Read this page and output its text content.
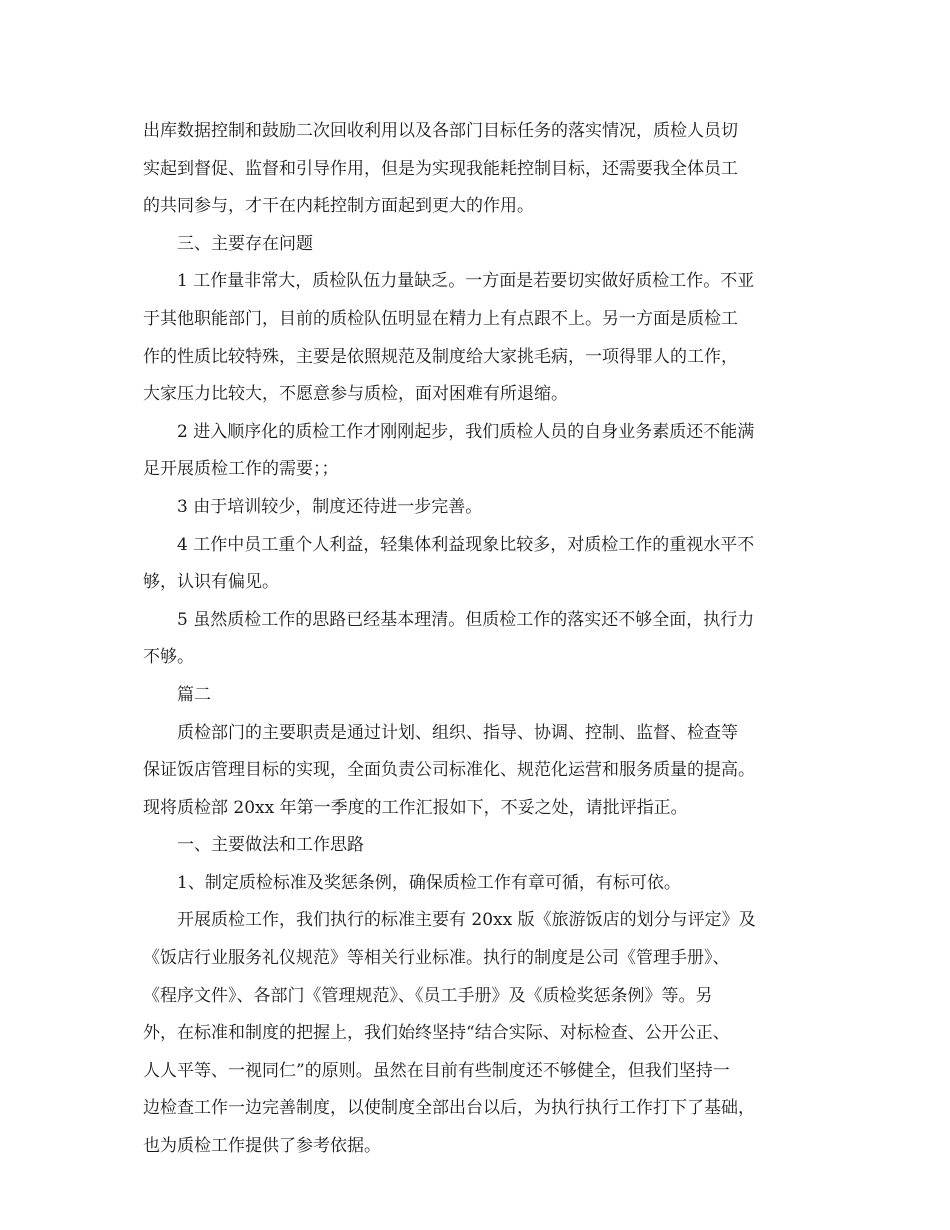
出库数据控制和鼓励二次回收利用以及各部门目标任务的落实情况，质检人员切
实起到督促、监督和引导作用，但是为实现我能耗控制目标，还需要我全体员工
的共同参与，才干在内耗控制方面起到更大的作用。
三、主要存在问题
1 工作量非常大，质检队伍力量缺乏。一方面是若要切实做好质检工作。不亚
于其他职能部门，目前的质检队伍明显在精力上有点跟不上。另一方面是质检工
作的性质比较特殊，主要是依照规范及制度给大家挑毛病，一项得罪人的工作，
大家压力比较大，不愿意参与质检，面对困难有所退缩。
2 进入顺序化的质检工作才刚刚起步，我们质检人员的自身业务素质还不能满
足开展质检工作的需要；；
3 由于培训较少，制度还待进一步完善。
4 工作中员工重个人利益，轻集体利益现象比较多，对质检工作的重视水平不
够，认识有偏见。
5 虽然质检工作的思路已经基本理清。但质检工作的落实还不够全面，执行力
不够。
篇二
质检部门的主要职责是通过计划、组织、指导、协调、控制、监督、检查等
保证饭店管理目标的实现，全面负责公司标准化、规范化运营和服务质量的提高。
现将质检部 20xx 年第一季度的工作汇报如下，不妥之处，请批评指正。
一、主要做法和工作思路
1、制定质检标准及奖惩条例，确保质检工作有章可循，有标可依。
开展质检工作，我们执行的标准主要有 20xx 版《旅游饭店的划分与评定》及
《饭店行业服务礼仪规范》等相关行业标准。执行的制度是公司《管理手册》、
《程序文件》、各部门《管理规范》、《员工手册》及《质检奖惩条例》等。另
外，在标准和制度的把握上，我们始终坚持“结合实际、对标检查、公开公正、
人人平等、一视同仁”的原则。虽然在目前有些制度还不够健全，但我们坚持一
边检查工作一边完善制度，以使制度全部出台以后，为执行执行工作打下了基础，
也为质检工作提供了参考依据。
